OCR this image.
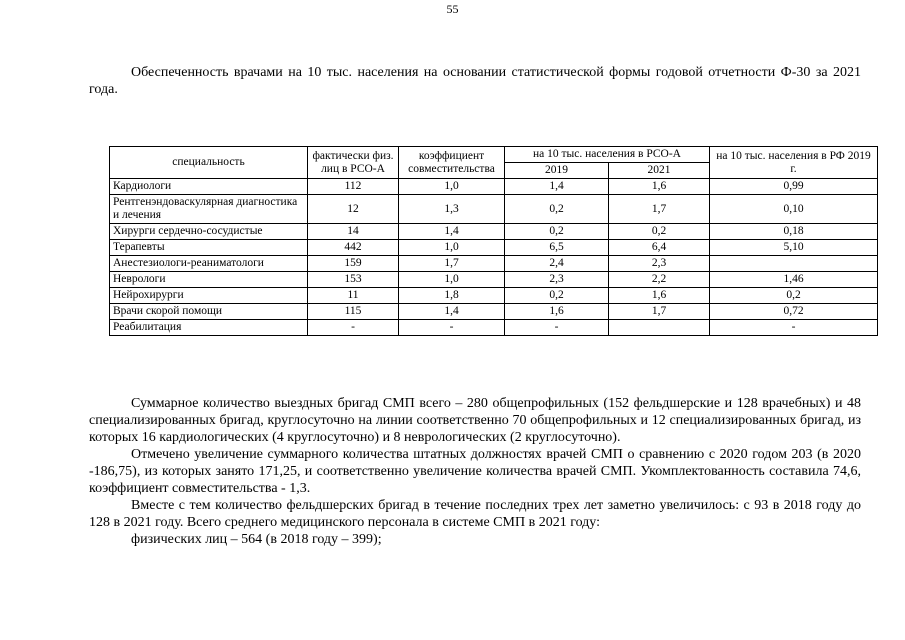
55

Обеспеченность врачами на 10 тыс. населения на основании статистической формы годовой отчетности Ф-30 за 2021 года.

специальность	фактически физ. лиц в РСО-А	коэффициент совместительства	на 10 тыс. населения в РСО-А		на 10 тыс. населения в РФ 2019 г.
			2019	2021	
Кардиологи	112	1,0	1,4	1,6	0,99
Рентгенэндоваскулярная диагностика и лечения	12	1,3	0,2	1,7	0,10
Хирурги сердечно-сосудистые	14	1,4	0,2	0,2	0,18
Терапевты	442	1,0	6,5	6,4	5,10
Анестезиологи-реаниматологи	159	1,7	2,4	2,3	
Неврологи	153	1,0	2,3	2,2	1,46
Нейрохирурги	11	1,8	0,2	1,6	0,2
Врачи скорой помощи	115	1,4	1,6	1,7	0,72
Реабилитация	-	-	-		-

Суммарное количество выездных бригад СМП всего – 280 общепрофильных (152 фельдшерские и 128 врачебных) и 48 специализированных бригад, круглосуточно на линии соответственно 70 общепрофильных и 12 специализированных бригад, из которых 16 кардиологических (4 круглосуточно) и 8 неврологических (2 круглосуточно).

Отмечено увеличение суммарного количества штатных должностях врачей СМП о сравнению с 2020 годом 203 (в 2020 -186,75), из которых занято 171,25, и соответственно увеличение количества врачей СМП. Укомплектованность составила 74,6, коэффициент совместительства - 1,3.

Вместе с тем количество фельдшерских бригад в течение последних трех лет заметно увеличилось: с 93 в 2018 году до 128 в 2021 году. Всего среднего медицинского персонала в системе СМП в 2021 году:

физических лиц – 564 (в 2018 году – 399);
